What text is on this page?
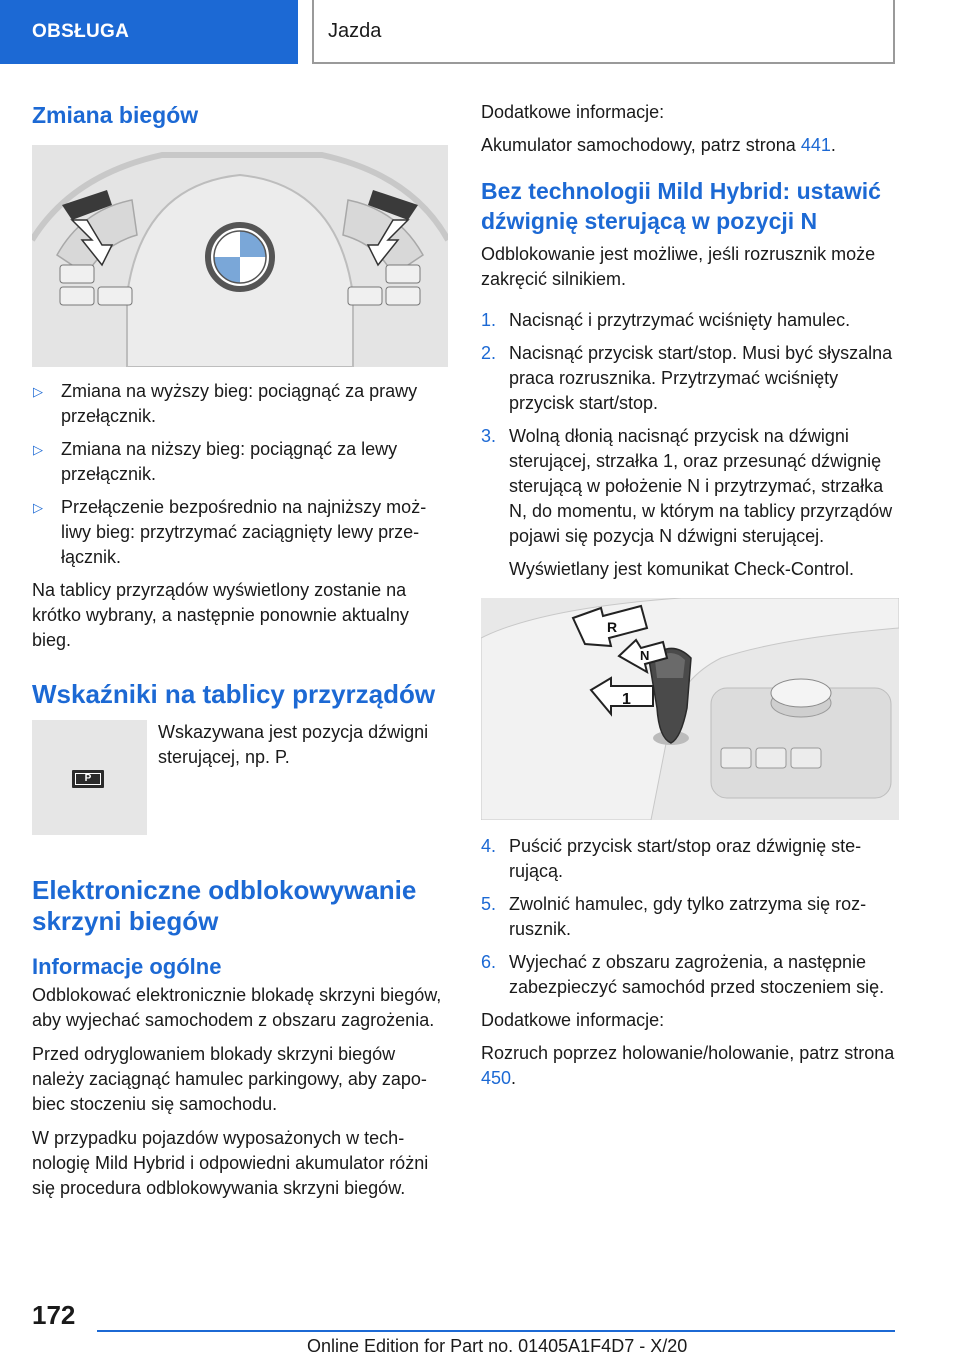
OBSŁUGA	Jazda
Zmiana biegów
▷ Zmiana na wyższy bieg: pociągnąć za prawy przełącznik.
▷ Zmiana na niższy bieg: pociągnąć za lewy przełącznik.
▷ Przełączenie bezpośrednio na najniższy możliwy bieg: przytrzymać zaciągnięty lewy przełącznik.

Na tablicy przyrządów wyświetlony zostanie na krótko wybrany, a następnie ponownie aktualny bieg.

Wskaźniki na tablicy przyrządów
P

Wskazywana jest pozycja dźwigni sterującej, np. P.

Elektroniczne odblokowywanie skrzyni biegów
Informacje ogólne

Odblokować elektronicznie blokadę skrzyni biegów, aby wyjechać samochodem z obszaru zagrożenia.

Przed odryglowaniem blokady skrzyni biegów należy zaciągnąć hamulec parkingowy, aby zapobiec stoczeniu się samochodu.

W przypadku pojazdów wyposażonych w technologię Mild Hybrid i odpowiedni akumulator różni się procedura odblokowywania skrzyni biegów.

Dodatkowe informacje:

Akumulator samochodowy, patrz strona 441.

Bez technologii Mild Hybrid: ustawić dźwignię sterującą w pozycji N

Odblokowanie jest możliwe, jeśli rozrusznik może zakręcić silnikiem.

1. Nacisnąć i przytrzymać wciśnięty hamulec.
2. Nacisnąć przycisk start/stop. Musi być słyszalna praca rozrusznika. Przytrzymać wciśnięty przycisk start/stop.
3. Wolną dłonią nacisnąć przycisk na dźwigni sterującej, strzałka 1, oraz przesunąć dźwignię sterującą w położenie N i przytrzymać, strzałka N, do momentu, w którym na tablicy przyrządów pojawi się pozycja N dźwigni sterującej.

Wyświetlany jest komunikat Check-Control.

R
N
1
4. Puścić przycisk start/stop oraz dźwignię sterującą.
5. Zwolnić hamulec, gdy tylko zatrzyma się rozrusznik.
6. Wyjechać z obszaru zagrożenia, a następnie zabezpieczyć samochód przed stoczeniem się.

Dodatkowe informacje:

Rozruch poprzez holowanie/holowanie, patrz strona 450.

172
Online Edition for Part no. 01405A1F4D7 - X/20
